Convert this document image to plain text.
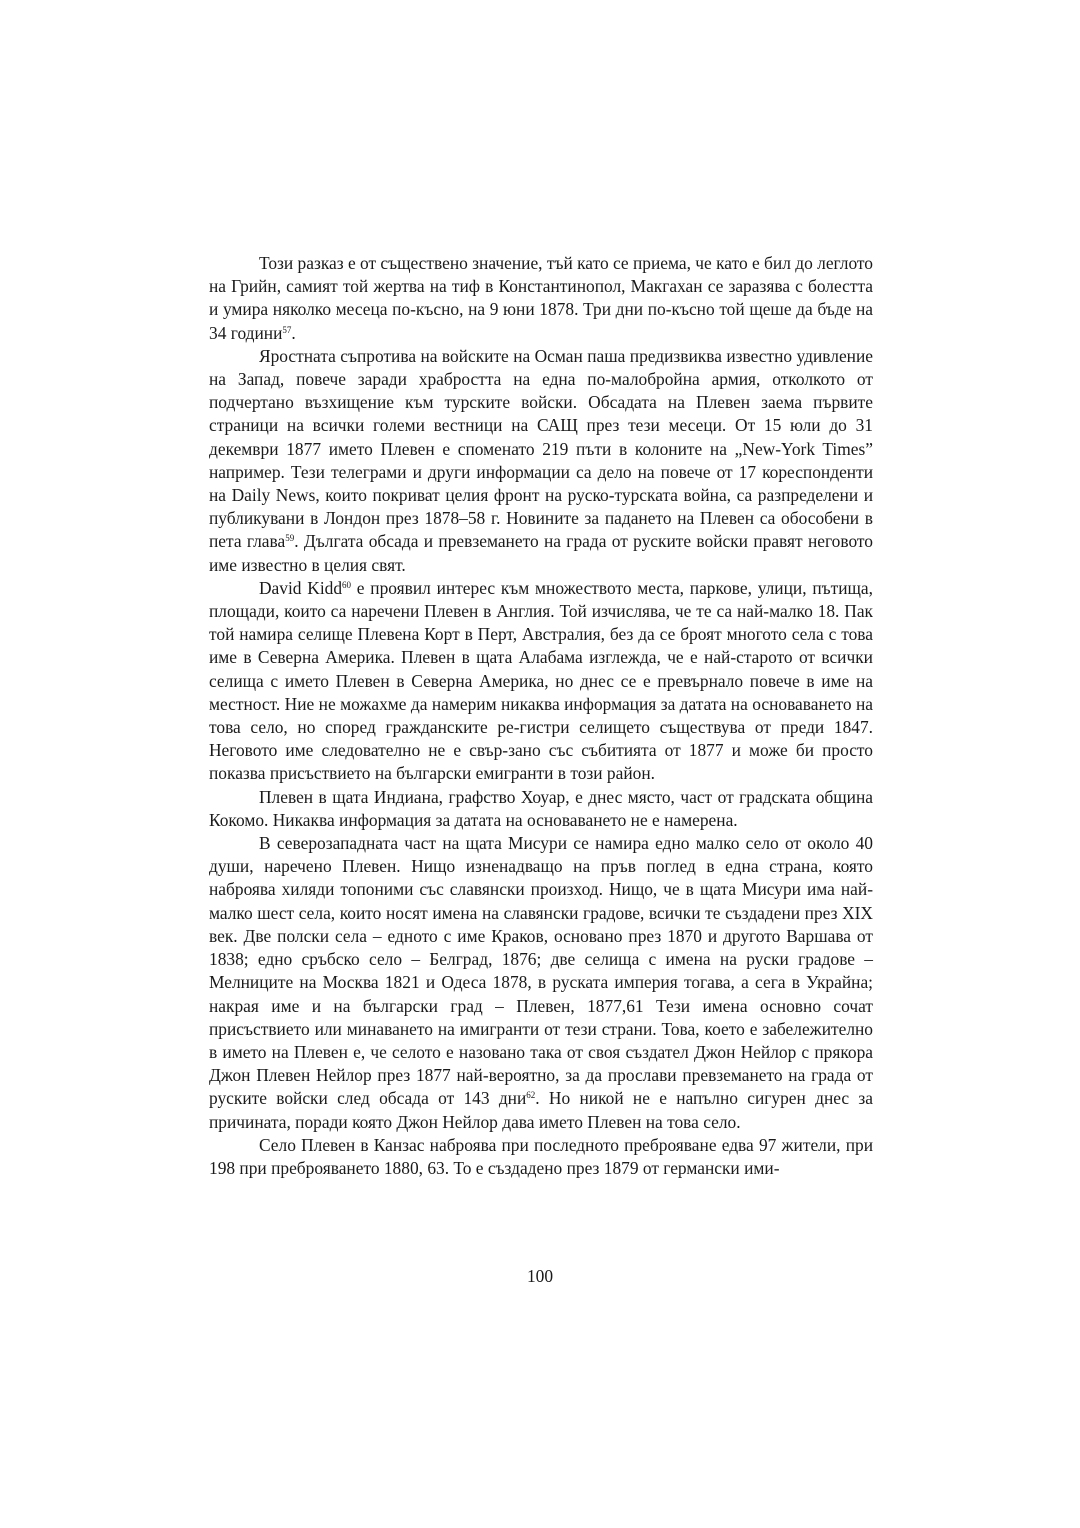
Този разказ е от съществено значение, тъй като се приема, че като е бил до леглото на Грийн, самият той жертва на тиф в Константинопол, Макгахан се заразява с болестта и умира няколко месеца по-късно, на 9 юни 1878. Три дни по-късно той щеше да бъде на 34 години$^{57}$.

Яростната съпротива на войските на Осман паша предизвиква известно удивление на Запад, повече заради храбростта на една по-малобройна армия, отколкото от подчертано възхищение към турските войски. Обсадата на Плевен заема първите страници на всички големи вестници на САЩ през тези месеци. От 15 юли до 31 декември 1877 името Плевен е споменато 219 пъти в колоните на „New-York Times” например. Тези телеграми и други информации са дело на повече от 17 кореспонденти на Daily News, които покриват целия фронт на руско-турската война, са разпределени и публикувани в Лондон през 1878–58 г. Новините за падането на Плевен са обособени в пета глава$^{59}$. Дългата обсада и превземането на града от руските войски правят неговото име известно в целия свят.

David Kidd$^{60}$ е проявил интерес към множеството места, паркове, улици, пътища, площади, които са наречени Плевен в Англия. Той изчислява, че те са най-малко 18. Пак той намира селище Плевена Корт в Перт, Австралия, без да се броят многото села с това име в Северна Америка. Плевен в щата Алабама изглежда, че е най-старото от всички селища с името Плевен в Северна Америка, но днес се е превърнало повече в име на местност. Ние не можахме да намерим никаква информация за датата на основаването на това село, но според гражданските ре-гистри селището съществува от преди 1847. Неговото име следователно не е свър-зано със събитията от 1877 и може би просто показва присъствието на български емигранти в този район.

Плевен в щата Индиана, графство Хоуар, е днес място, част от градската община Кокомо. Никаква информация за датата на основаването не е намерена.

В северозападната част на щата Мисури се намира едно малко село от около 40 души, наречено Плевен. Нищо изненадващо на пръв поглед в една страна, която наброява хиляди топоними със славянски произход. Нищо, че в щата Мисури има най-малко шест села, които носят имена на славянски градове, всички те създадени през XIX век. Две полски села – едното с име Краков, основано през 1870 и другото Варшава от 1838; едно сръбско село – Белград, 1876; две селища с имена на руски градове – Мелниците на Москва 1821 и Одеса 1878, в руската империя тогава, а сега в Украйна; накрая име и на български град – Плевен, 1877,61 Тези имена основно сочат присъствието или минаването на имигранти от тези страни. Това, което е забележително в името на Плевен е, че селото е назовано така от своя създател Джон Нейлор с прякора Джон Плевен Нейлор през 1877 най-вероятно, за да прослави превземането на града от руските войски след обсада от 143 дни$^{62}$. Но никой не е напълно сигурен днес за причината, поради която Джон Нейлор дава името Плевен на това село.

Село Плевен в Канзас наброява при последното преброяване едва 97 жители, при 198 при преброяването 1880, 63. То е създадено през 1879 от германски ими-

100
